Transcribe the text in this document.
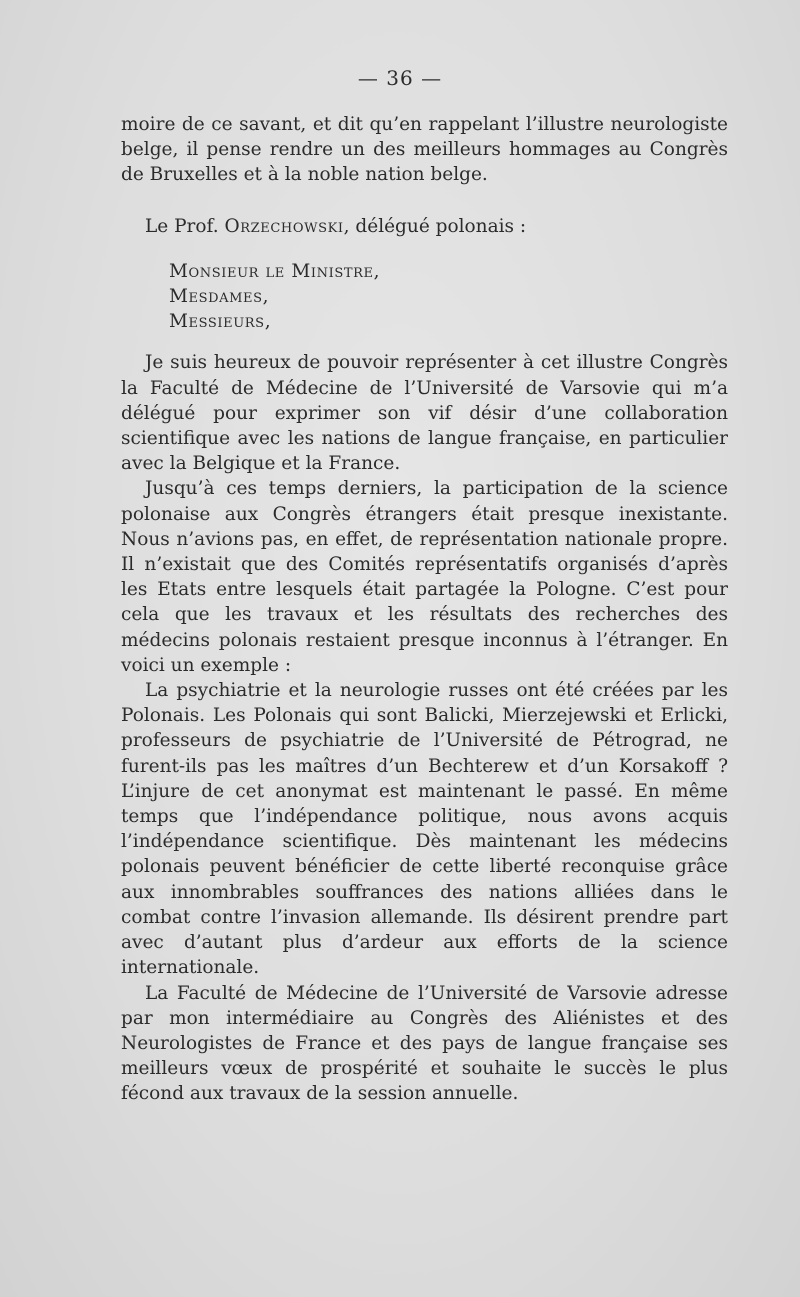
— 36 —

moire de ce savant, et dit qu’en rappelant l’illustre neurologiste belge, il pense rendre un des meilleurs hommages au Congrès de Bruxelles et à la noble nation belge.

Le Prof. Orzechowski, délégué polonais :

Monsieur le Ministre,
Mesdames,
Messieurs,

Je suis heureux de pouvoir représenter à cet illustre Congrès la Faculté de Médecine de l’Université de Varsovie qui m’a délégué pour exprimer son vif désir d’une collaboration scientifique avec les nations de langue française, en particulier avec la Belgique et la France.

Jusqu’à ces temps derniers, la participation de la science polonaise aux Congrès étrangers était presque inexistante. Nous n’avions pas, en effet, de représentation nationale propre. Il n’existait que des Comités représentatifs organisés d’après les Etats entre lesquels était partagée la Pologne. C’est pour cela que les travaux et les résultats des recherches des médecins polonais restaient presque inconnus à l’étranger. En voici un exemple :

La psychiatrie et la neurologie russes ont été créées par les Polonais. Les Polonais qui sont Balicki, Mierzejewski et Erlicki, professeurs de psychiatrie de l’Université de Pétrograd, ne furent-ils pas les maîtres d’un Bechterew et d’un Korsakoff ? L’injure de cet anonymat est maintenant le passé. En même temps que l’indépendance politique, nous avons acquis l’indépendance scientifique. Dès maintenant les médecins polonais peuvent bénéficier de cette liberté reconquise grâce aux innombrables souffrances des nations alliées dans le combat contre l’invasion allemande. Ils désirent prendre part avec d’autant plus d’ardeur aux efforts de la science internationale.

La Faculté de Médecine de l’Université de Varsovie adresse par mon intermédiaire au Congrès des Aliénistes et des Neurologistes de France et des pays de langue française ses meilleurs vœux de prospérité et souhaite le succès le plus fécond aux travaux de la session annuelle.
